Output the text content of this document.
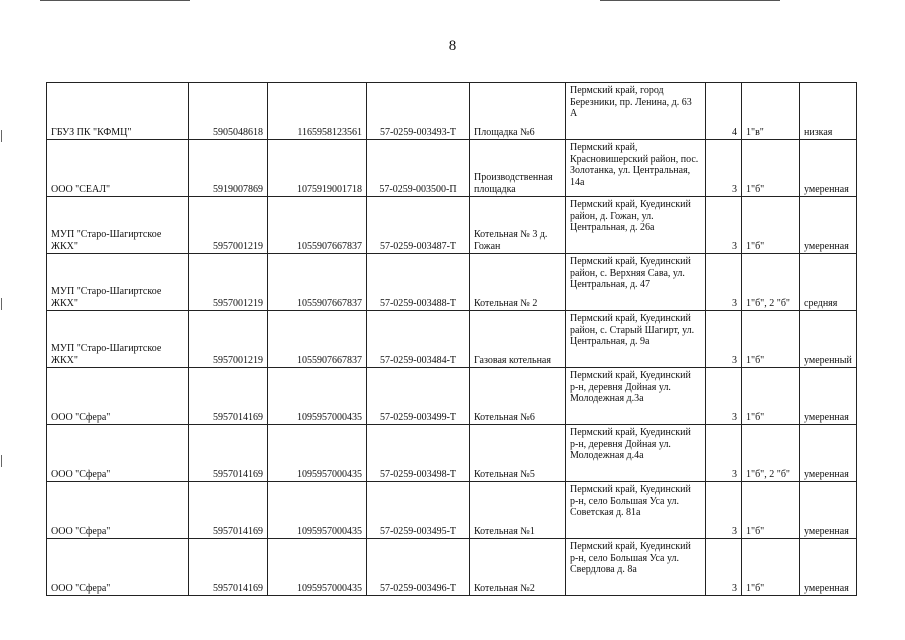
8
ГБУЗ ПК "КФМЦ"	5905048618	1165958123561	57-0259-003493-Т	Площадка №6	Пермский край, город Березники, пр. Ленина, д. 63 А	4	1"в"	низкая
ООО "СЕАЛ"	5919007869	1075919001718	57-0259-003500-П	Производственная площадка	Пермский край, Красновишерский район, пос. Золотанка, ул. Центральная, 14а	3	1"б"	умеренная
МУП "Старо-Шагиртское ЖКХ"	5957001219	1055907667837	57-0259-003487-Т	Котельная № 3 д. Гожан	Пермский край, Куединский район, д. Гожан, ул. Центральная, д. 26а	3	1"б"	умеренная
МУП "Старо-Шагиртское ЖКХ"	5957001219	1055907667837	57-0259-003488-Т	Котельная № 2	Пермский край, Куединский район, с. Верхняя Сава, ул. Центральная, д. 47	3	1"б", 2 "б"	средняя
МУП "Старо-Шагиртское ЖКХ"	5957001219	1055907667837	57-0259-003484-Т	Газовая котельная	Пермский край, Куединский район, с. Старый Шагирт, ул. Центральная, д. 9а	3	1"б"	умеренный
ООО "Сфера"	5957014169	1095957000435	57-0259-003499-Т	Котельная №6	Пермский край, Куединский р-н, деревня Дойная ул. Молодежная д.3а	3	1"б"	умеренная
ООО "Сфера"	5957014169	1095957000435	57-0259-003498-Т	Котельная №5	Пермский край, Куединский р-н, деревня Дойная ул. Молодежная д.4а	3	1"б", 2 "б"	умеренная
ООО "Сфера"	5957014169	1095957000435	57-0259-003495-Т	Котельная №1	Пермский край, Куединский р-н, село Большая Уса ул. Советская д. 81а	3	1"б"	умеренная
ООО "Сфера"	5957014169	1095957000435	57-0259-003496-Т	Котельная №2	Пермский край, Куединский р-н, село Большая Уса ул. Свердлова д. 8а	3	1"б"	умеренная
